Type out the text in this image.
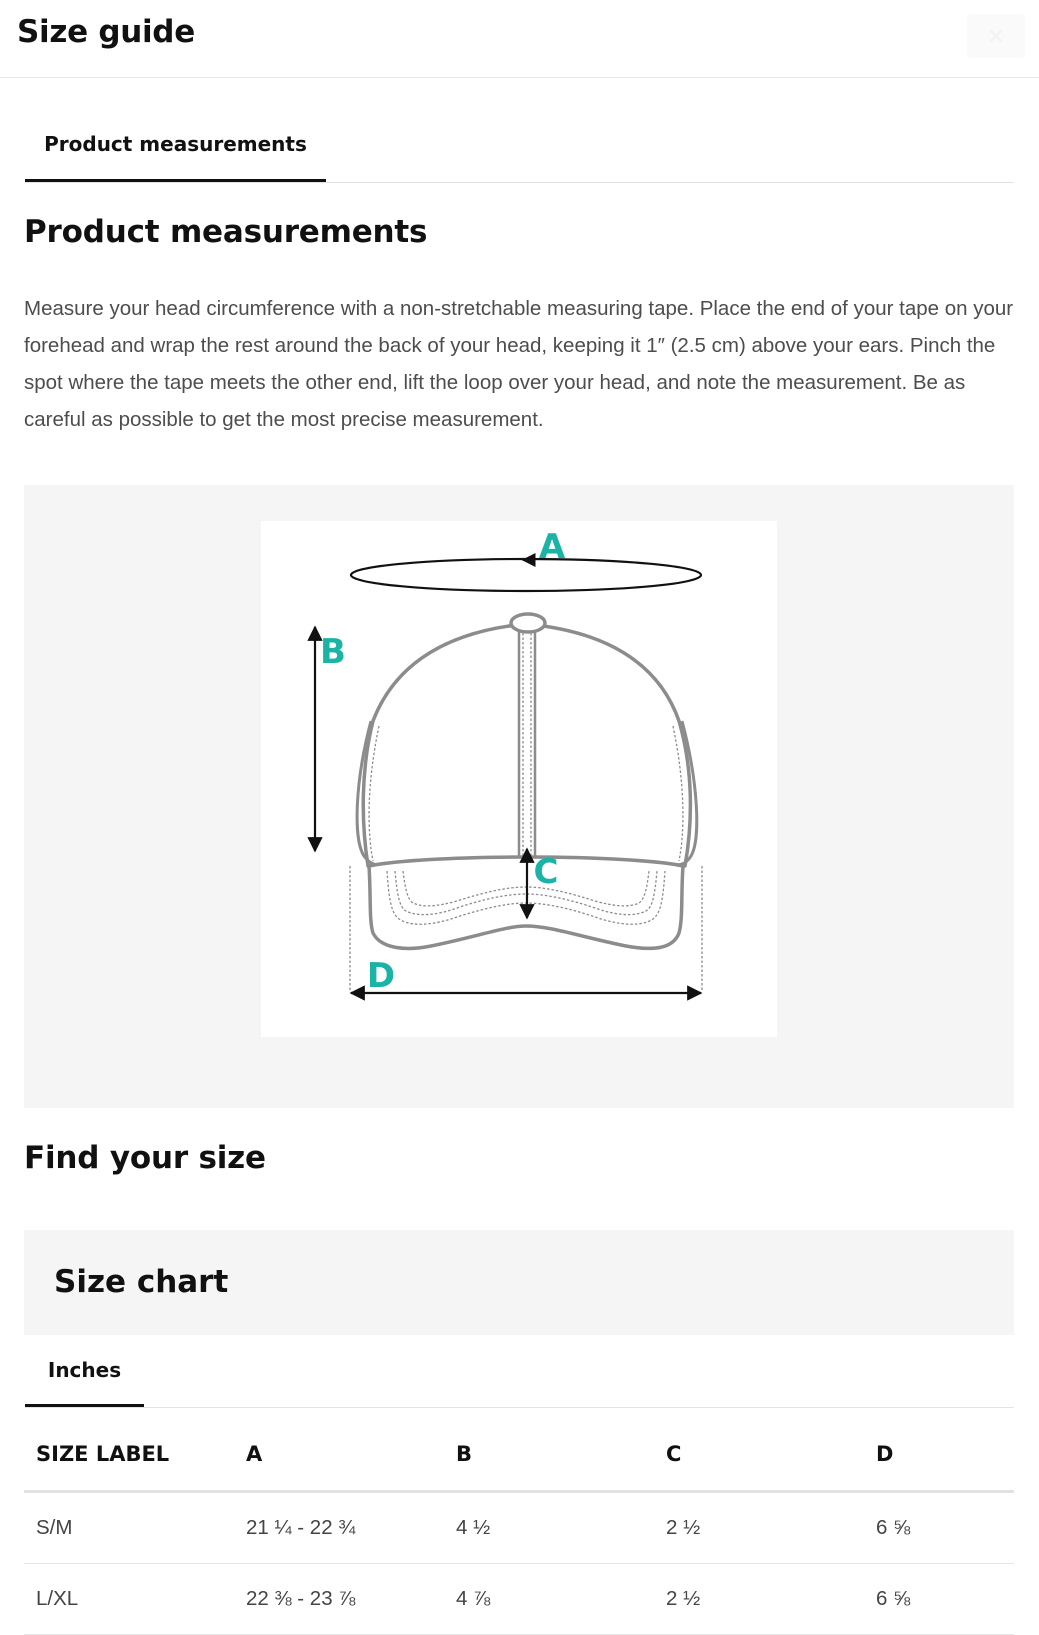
Size guide	✕
Product measurements
Product measurements

Measure your head circumference with a non-stretchable measuring tape. Place the end of your tape on your forehead and wrap the rest around the back of your head, keeping it 1″ (2.5 cm) above your ears. Pinch the spot where the tape meets the other end, lift the loop over your head, and note the measurement. Be as careful as possible to get the most precise measurement.

A
B
C
D
Find your size
Size chart
Inches
SIZE LABEL	A	B	C	D
S/M	21 ¼ - 22 ¾	4 ½	2 ½	6 ⅝
L/XL	22 ⅜ - 23 ⅞	4 ⅞	2 ½	6 ⅝
